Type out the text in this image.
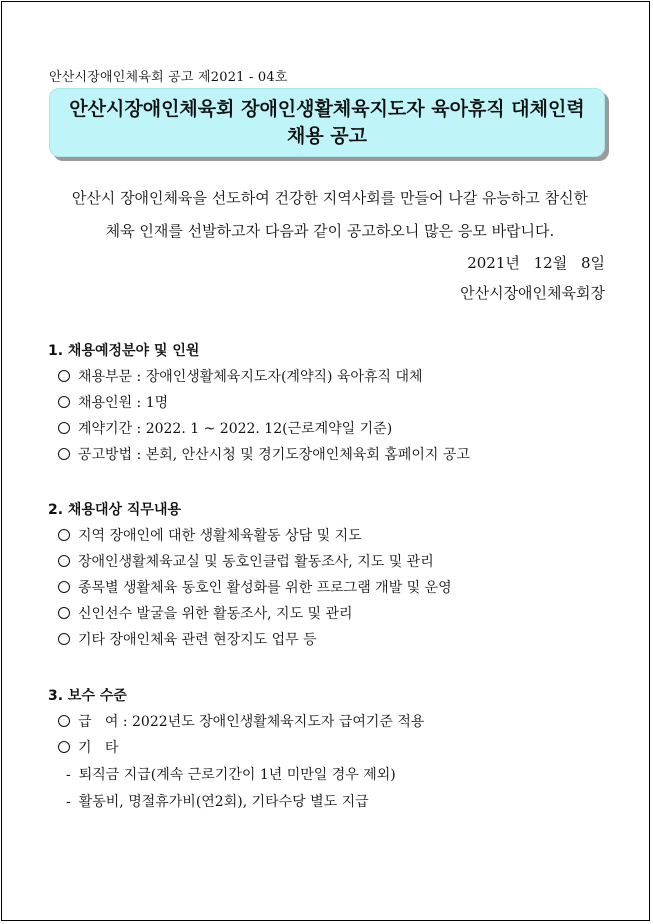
안산시장애인체육회 공고 제2021 - 04호
안산시장애인체육회 장애인생활체육지도자 육아휴직 대체인력
채용 공고
안산시 장애인체육을 선도하여 건강한 지역사회를 만들어 나갈 유능하고 참신한
체육 인재를 선발하고자 다음과 같이 공고하오니 많은 응모 바랍니다.
2021년 12월 8일
안산시장애인체육회장
1. 채용예정분야 및 인원
채용부문 : 장애인생활체육지도자(계약직) 육아휴직 대체
채용인원 : 1명
계약기간 : 2022. 1 ~ 2022. 12(근로계약일 기준)
공고방법 : 본회, 안산시청 및 경기도장애인체육회 홈페이지 공고
2. 채용대상 직무내용
지역 장애인에 대한 생활체육활동 상담 및 지도
장애인생활체육교실 및 동호인클럽 활동조사, 지도 및 관리
종목별 생활체육 동호인 활성화를 위한 프로그램 개발 및 운영
신인선수 발굴을 위한 활동조사, 지도 및 관리
기타 장애인체육 관련 현장지도 업무 등
3. 보수 수준
급   여 : 2022년도 장애인생활체육지도자 급여기준 적용
기   타
- 퇴직금 지급(계속 근로기간이 1년 미만일 경우 제외)
- 활동비, 명절휴가비(연2회), 기타수당 별도 지급
